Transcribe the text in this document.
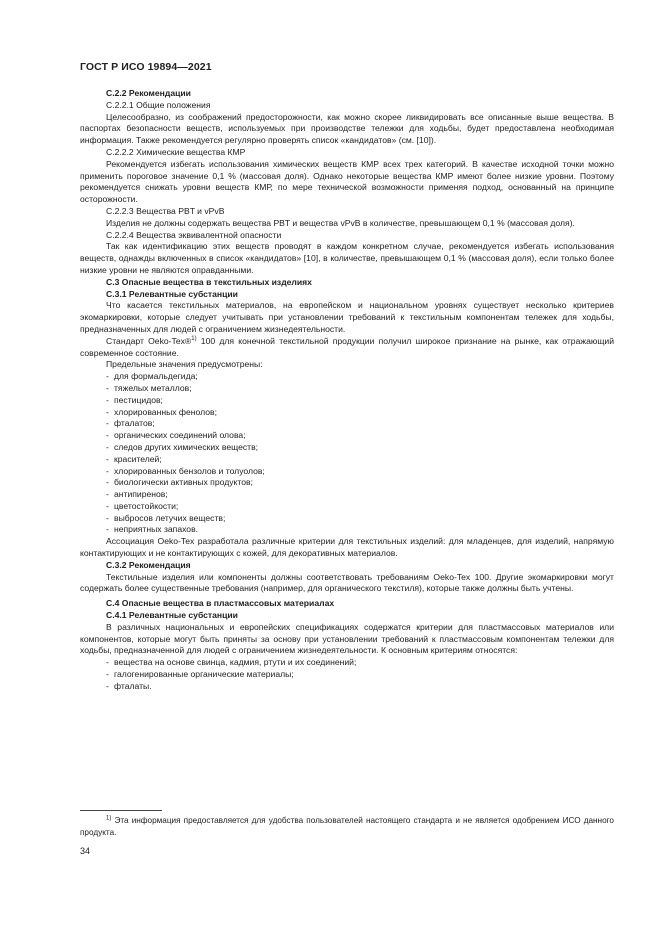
ГОСТ Р ИСО 19894—2021
C.2.2 Рекомендации
C.2.2.1 Общие положения

Целесообразно, из соображений предосторожности, как можно скорее ликвидировать все описанные выше вещества. В паспортах безопасности веществ, используемых при производстве тележки для ходьбы, будет предоставлена необходимая информация. Также рекомендуется регулярно проверять список «кандидатов» (см. [10]).

C.2.2.2 Химические вещества КМР

Рекомендуется избегать использования химических веществ КМР всех трех категорий. В качестве исходной точки можно применить пороговое значение 0,1 % (массовая доля). Однако некоторые вещества КМР имеют более низкие уровни. Поэтому рекомендуется снижать уровни веществ КМР, по мере технической возможности применяя подход, основанный на принципе осторожности.

C.2.2.3 Вещества PBT и vPvB

Изделия не должны содержать вещества PBT и вещества vPvB в количестве, превышающем 0,1 % (массовая доля).

C.2.2.4 Вещества эквивалентной опасности

Так как идентификацию этих веществ проводят в каждом конкретном случае, рекомендуется избегать использования веществ, однажды включенных в список «кандидатов» [10], в количестве, превышающем 0,1 % (массовая доля), если только более низкие уровни не являются оправданными.

C.3 Опасные вещества в текстильных изделиях
C.3.1 Релевантные субстанции

Что касается текстильных материалов, на европейском и национальном уровнях существует несколько критериев экомаркировки, которые следует учитывать при установлении требований к текстильным компонентам тележек для ходьбы, предназначенных для людей с ограничением жизнедеятельности.

Стандарт Oeko-Tex®$^{1)}$ 100 для конечной текстильной продукции получил широкое признание на рынке, как отражающий современное состояние.

Предельные значения предусмотрены:

- для формальдегида;
- тяжелых металлов;
- пестицидов;
- хлорированных фенолов;
- фталатов;
- органических соединений олова;
- следов других химических веществ;
- красителей;
- хлорированных бензолов и толуолов;
- биологически активных продуктов;
- антипиренов;
- цветостойкости;
- выбросов летучих веществ;
- неприятных запахов.

Ассоциация Oeko-Tex разработала различные критерии для текстильных изделий: для младенцев, для изделий, напрямую контактирующих и не контактирующих с кожей, для декоративных материалов.

C.3.2 Рекомендация

Текстильные изделия или компоненты должны соответствовать требованиям Oeko-Tex 100. Другие экомаркировки могут содержать более существенные требования (например, для органического текстиля), которые также должны быть учтены.

C.4 Опасные вещества в пластмассовых материалах
C.4.1 Релевантные субстанции

В различных национальных и европейских спецификациях содержатся критерии для пластмассовых материалов или компонентов, которые могут быть приняты за основу при установлении требований к пластмассовым компонентам тележки для ходьбы, предназначенной для людей с ограничением жизнедеятельности. К основным критериям относятся:

- вещества на основе свинца, кадмия, ртути и их соединений;
- галогенированные органические материалы;
- фталаты.
$^{1)}$ Эта информация предоставляется для удобства пользователей настоящего стандарта и не является одобрением ИСО данного продукта.
34
